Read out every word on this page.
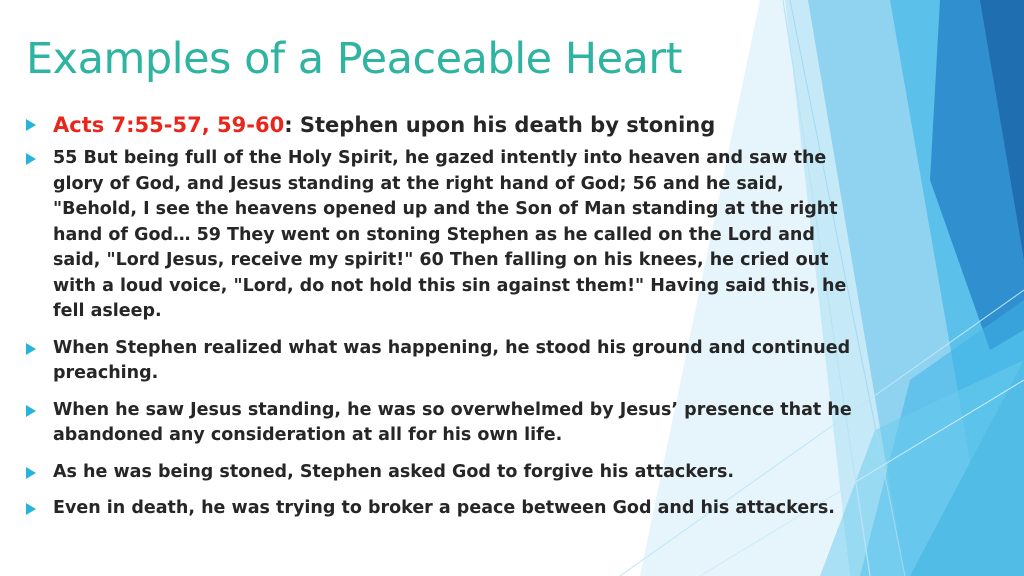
Examples of a Peaceable Heart
Acts 7:55-57, 59-60: Stephen upon his death by stoning
55 But being full of the Holy Spirit, he gazed intently into heaven and saw the glory of God, and Jesus standing at the right hand of God; 56 and he said, "Behold, I see the heavens opened up and the Son of Man standing at the right hand of God… 59 They went on stoning Stephen as he called on the Lord and said, "Lord Jesus, receive my spirit!" 60 Then falling on his knees, he cried out with a loud voice, "Lord, do not hold this sin against them!" Having said this, he fell asleep.
When Stephen realized what was happening, he stood his ground and continued preaching.
When he saw Jesus standing, he was so overwhelmed by Jesus’ presence that he abandoned any consideration at all for his own life.
As he was being stoned, Stephen asked God to forgive his attackers.
Even in death, he was trying to broker a peace between God and his attackers.
